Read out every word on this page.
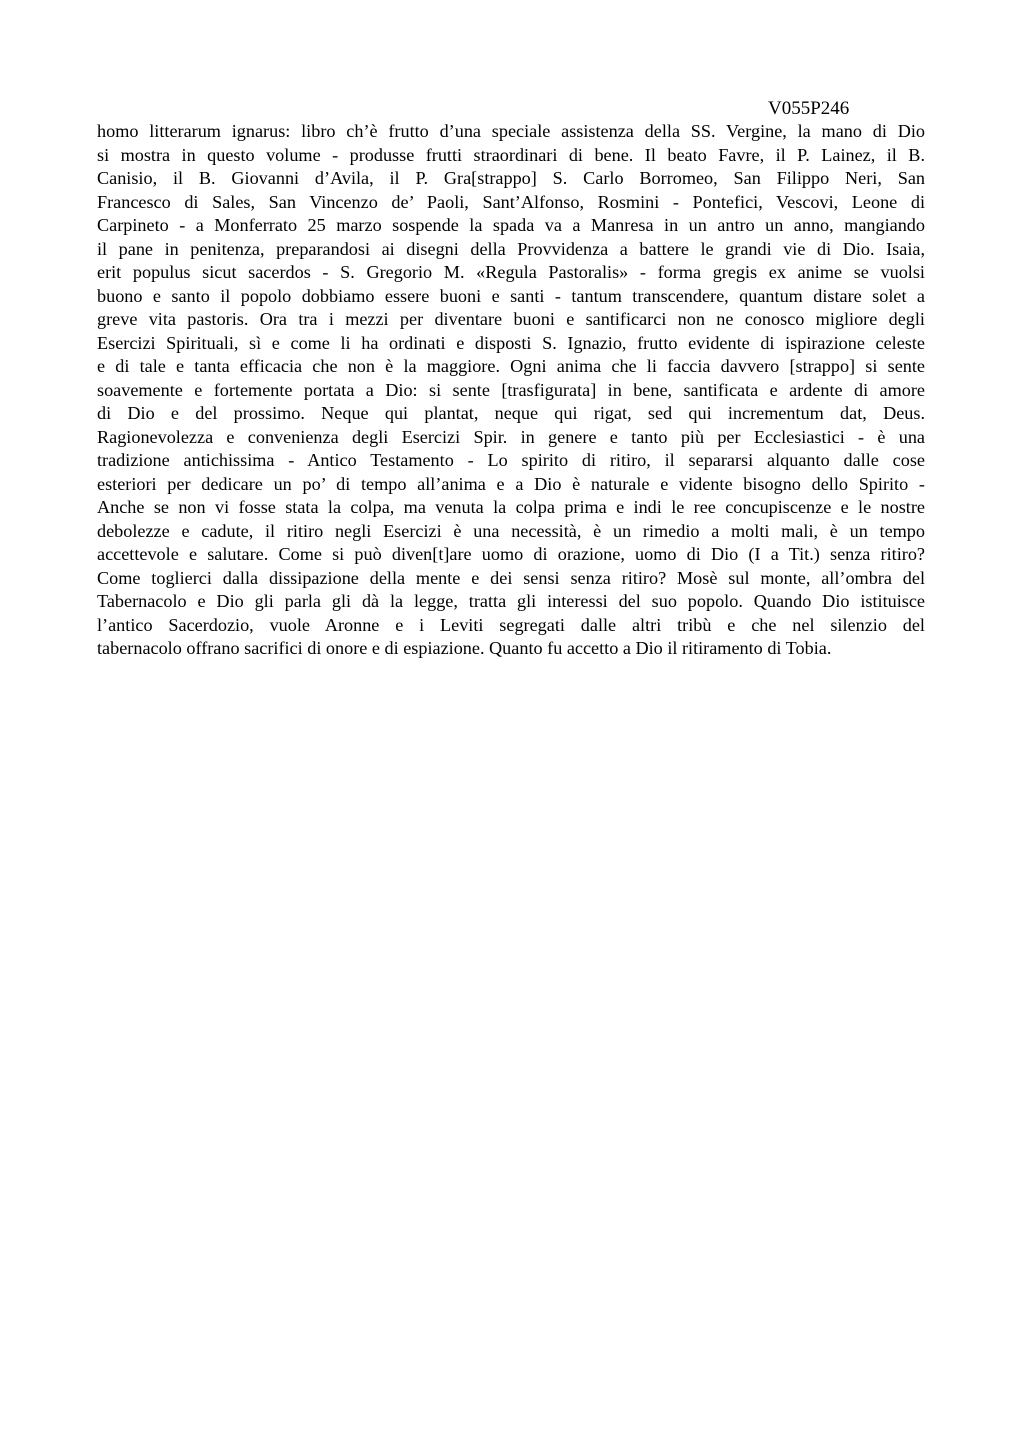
V055P246
homo litterarum ignarus: libro ch’è frutto d’una speciale assistenza della SS. Vergine, la mano di Dio
si mostra in questo volume - produsse frutti straordinari di bene. Il beato Favre, il P. Lainez, il B.
Canisio, il B. Giovanni d’Avila, il P. Gra[strappo] S. Carlo Borromeo, San Filippo Neri, San
Francesco di Sales, San Vincenzo de’ Paoli, Sant’Alfonso, Rosmini - Pontefici, Vescovi, Leone di
Carpineto - a Monferrato 25 marzo sospende la spada va a Manresa in un antro un anno, mangiando
il pane in penitenza, preparandosi ai disegni della Provvidenza a battere le grandi vie di Dio. Isaia,
erit populus sicut sacerdos - S. Gregorio M. «Regula Pastoralis» - forma gregis ex anime se vuolsi
buono e santo il popolo dobbiamo essere buoni e santi - tantum transcendere, quantum distare solet a
greve vita pastoris. Ora tra i mezzi per diventare buoni e santificarci non ne conosco migliore degli
Esercizi Spirituali, sì e come li ha ordinati e disposti S. Ignazio, frutto evidente di ispirazione celeste
e di tale e tanta efficacia che non è la maggiore. Ogni anima che li faccia davvero [strappo] si sente
soavemente e fortemente portata a Dio: si sente [trasfigurata] in bene, santificata e ardente di amore
di Dio e del prossimo. Neque qui plantat, neque qui rigat, sed qui incrementum dat, Deus.
Ragionevolezza e convenienza degli Esercizi Spir. in genere e tanto più per Ecclesiastici - è una
tradizione antichissima - Antico Testamento - Lo spirito di ritiro, il separarsi alquanto dalle cose
esteriori per dedicare un po’ di tempo all’anima e a Dio è naturale e vidente bisogno dello Spirito -
Anche se non vi fosse stata la colpa, ma venuta la colpa prima e indi le ree concupiscenze e le nostre
debolezze e cadute, il ritiro negli Esercizi è una necessità, è un rimedio a molti mali, è un tempo
accettevole e salutare. Come si può diven[t]are uomo di orazione, uomo di Dio (I a Tit.) senza ritiro?
Come toglierci dalla dissipazione della mente e dei sensi senza ritiro? Mosè sul monte, all’ombra del
Tabernacolo e Dio gli parla gli dà la legge, tratta gli interessi del suo popolo. Quando Dio istituisce
l’antico Sacerdozio, vuole Aronne e i Leviti segregati dalle altri tribù e che nel silenzio del
tabernacolo offrano sacrifici di onore e di espiazione. Quanto fu accetto a Dio il ritiramento di Tobia.
